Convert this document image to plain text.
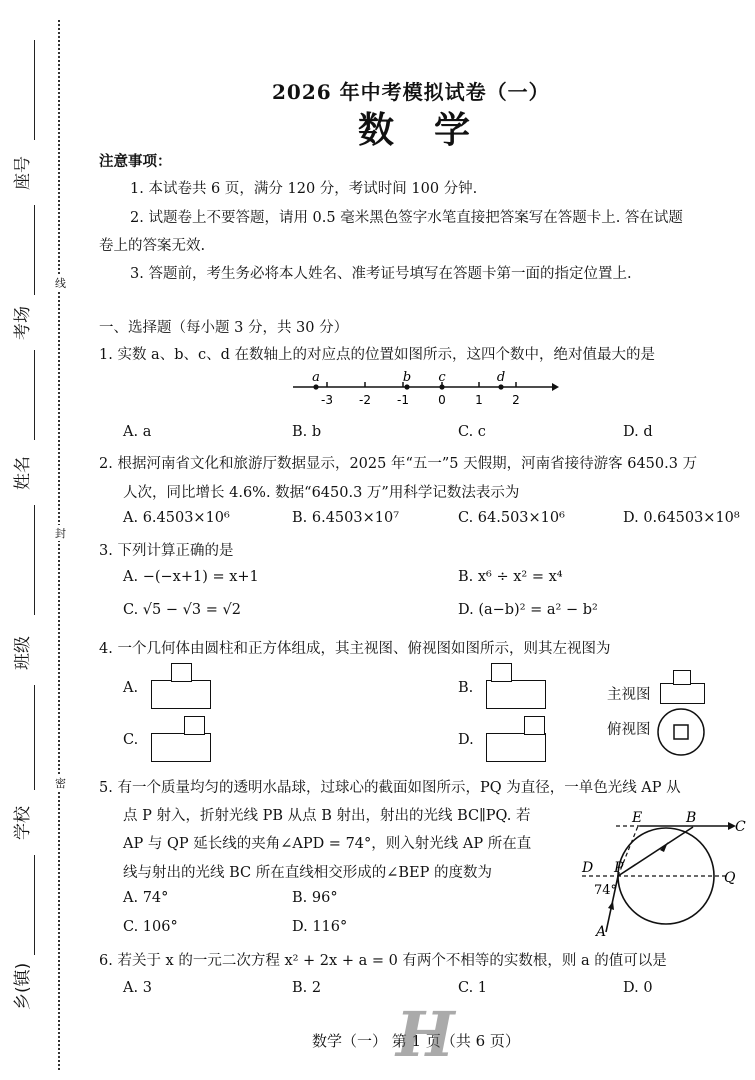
座号
考场
姓名
班级
学校
乡(镇)
线
封
密
2026 年中考模拟试卷（一）
数学
注意事项：
1. 本试卷共 6 页，满分 120 分，考试时间 100 分钟.
2. 试题卷上不要答题，请用 0.5 毫米黑色签字水笔直接把答案写在答题卡上. 答在试题
卷上的答案无效.
3. 答题前，考生务必将本人姓名、准考证号填写在答题卡第一面的指定位置上.
一、选择题（每小题 3 分，共 30 分）
1. 实数 a、b、c、d 在数轴上的对应点的位置如图所示，这四个数中，绝对值最大的是
-3 -2 -1 0 1 2
a	b c	d
A. a	B. b	C. c	D. d
2. 根据河南省文化和旅游厅数据显示，2025 年“五一”5 天假期，河南省接待游客 6450.3 万
人次，同比增长 4.6%. 数据“6450.3 万”用科学记数法表示为
A. 6.4503×10⁶	B. 6.4503×10⁷	C. 64.503×10⁶	D. 0.64503×10⁸
3. 下列计算正确的是
A. −(−x+1) = x+1	B. x⁶ ÷ x² = x⁴
C. √5 − √3 = √2	D. (a−b)² = a² − b²
4. 一个几何体由圆柱和正方体组成，其主视图、俯视图如图所示，则其左视图为
A.	B.
C.	D.
主视图
俯视图
5. 有一个质量均匀的透明水晶球，过球心的截面如图所示，PQ 为直径，一单色光线 AP 从
点 P 射入，折射光线 PB 从点 B 射出，射出的光线 BC∥PQ. 若
AP 与 QP 延长线的夹角∠APD = 74°，则入射光线 AP 所在直
线与射出的光线 BC 所在直线相交形成的∠BEP 的度数为
A. 74°	B. 96°
C. 106°	D. 116°
E	B
C
D P
Q
A
74°
6. 若关于 x 的一元二次方程 x² + 2x + a = 0 有两个不相等的实数根，则 a 的值可以是
A. 3	B. 2	C. 1	D. 0
数学（一） 第 1 页（共 6 页）
H
